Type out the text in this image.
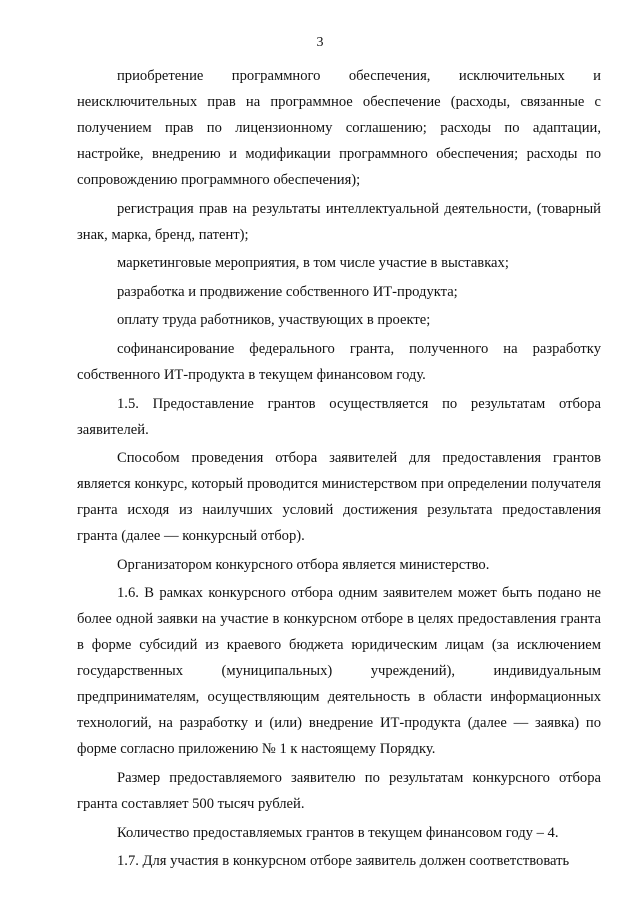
3

приобретение программного обеспечения, исключительных и неисключительных прав на программное обеспечение (расходы, связанные с получением прав по лицензионному соглашению; расходы по адаптации, настройке, внедрению и модификации программного обеспечения; расходы по сопровождению программного обеспечения);

регистрация прав на результаты интеллектуальной деятельности, (товарный знак, марка, бренд, патент);

маркетинговые мероприятия, в том числе участие в выставках;

разработка и продвижение собственного ИТ-продукта;

оплату труда работников, участвующих в проекте;

софинансирование федерального гранта, полученного на разработку собственного ИТ-продукта в текущем финансовом году.

1.5. Предоставление грантов осуществляется по результатам отбора заявителей.

Способом проведения отбора заявителей для предоставления грантов является конкурс, который проводится министерством при определении получателя гранта исходя из наилучших условий достижения результата предоставления гранта (далее — конкурсный отбор).

Организатором конкурсного отбора является министерство.

1.6. В рамках конкурсного отбора одним заявителем может быть подано не более одной заявки на участие в конкурсном отборе в целях предоставления гранта в форме субсидий из краевого бюджета юридическим лицам (за исключением государственных (муниципальных) учреждений), индивидуальным предпринимателям, осуществляющим деятельность в области информационных технологий, на разработку и (или) внедрение ИТ-продукта (далее — заявка) по форме согласно приложению № 1 к настоящему Порядку.

Размер предоставляемого заявителю по результатам конкурсного отбора гранта составляет 500 тысяч рублей.

Количество предоставляемых грантов в текущем финансовом году – 4.

1.7. Для участия в конкурсном отборе заявитель должен соответствовать
